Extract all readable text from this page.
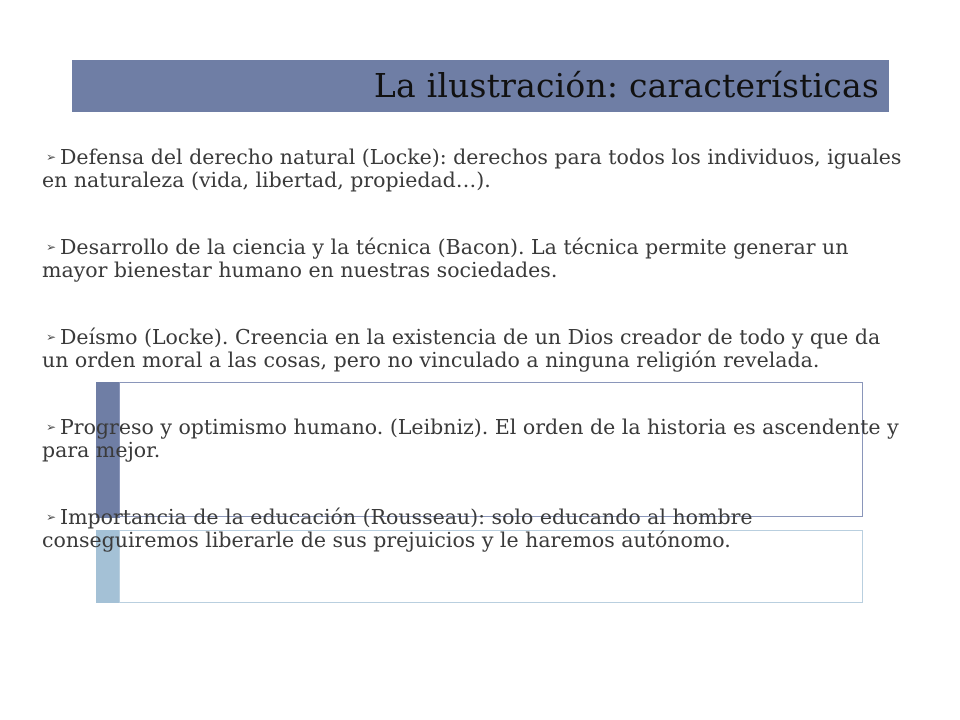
La ilustración: características
➢ Defensa del derecho natural (Locke): derechos para todos los individuos, iguales en naturaleza (vida, libertad, propiedad…).
➢ Desarrollo de la ciencia y la técnica (Bacon). La técnica permite generar un mayor bienestar humano en nuestras sociedades.
➢ Deísmo (Locke). Creencia en la existencia de un Dios creador de todo y que da un orden moral a las cosas, pero no vinculado a ninguna religión revelada.
➢ Progreso y optimismo humano. (Leibniz). El orden de la historia es ascendente y para mejor.
➢ Importancia de la educación (Rousseau): solo educando al hombre conseguiremos liberarle de sus prejuicios y le haremos autónomo.
